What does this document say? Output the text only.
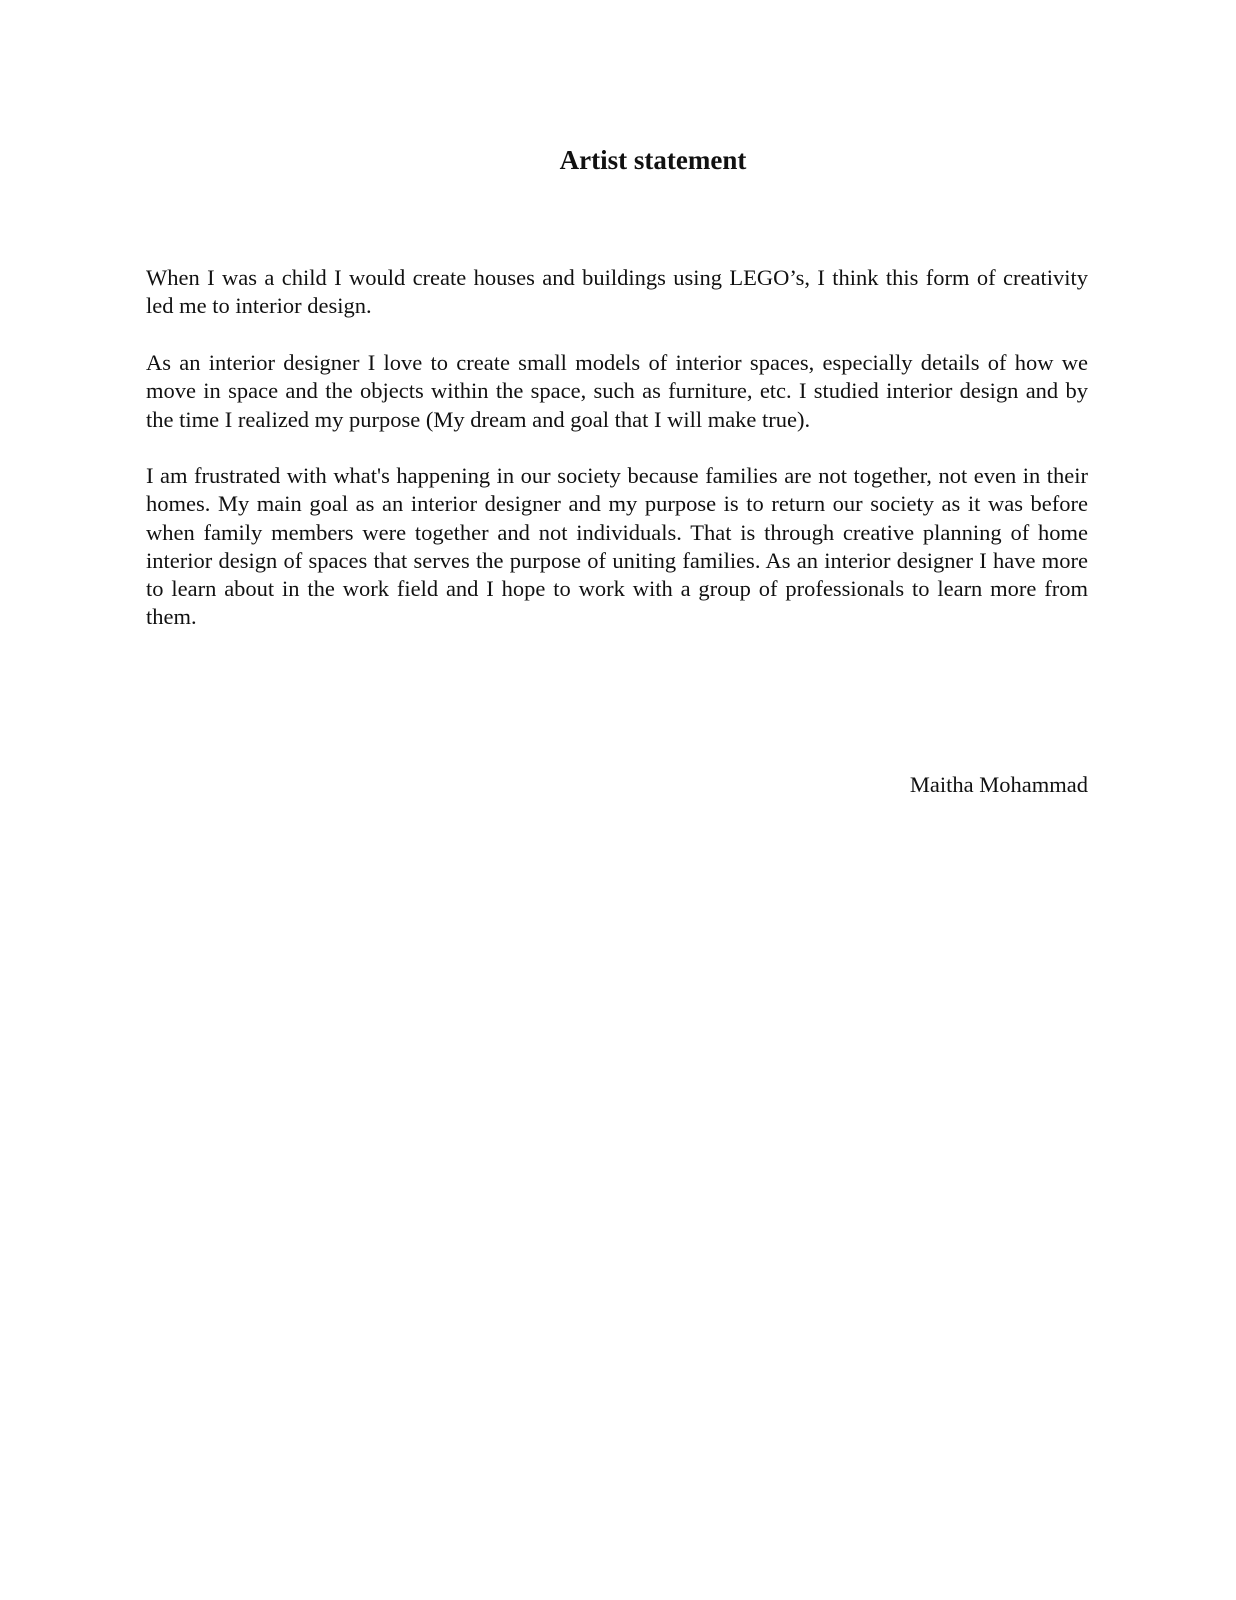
Artist statement

When I was a child I would create houses and buildings using LEGO’s, I think this form of creativity led me to interior design.

As an interior designer I love to create small models of interior spaces, especially details of how we move in space and the objects within the space, such as furniture, etc. I studied interior design and by the time I realized my purpose (My dream and goal that I will make true).

I am frustrated with what's happening in our society because families are not together, not even in their homes. My main goal as an interior designer and my purpose is to return our society as it was before when family members were together and not individuals. That is through creative planning of home interior design of spaces that serves the purpose of uniting families. As an interior designer I have more to learn about in the work field and I hope to work with a group of professionals to learn more from them.

Maitha Mohammad
